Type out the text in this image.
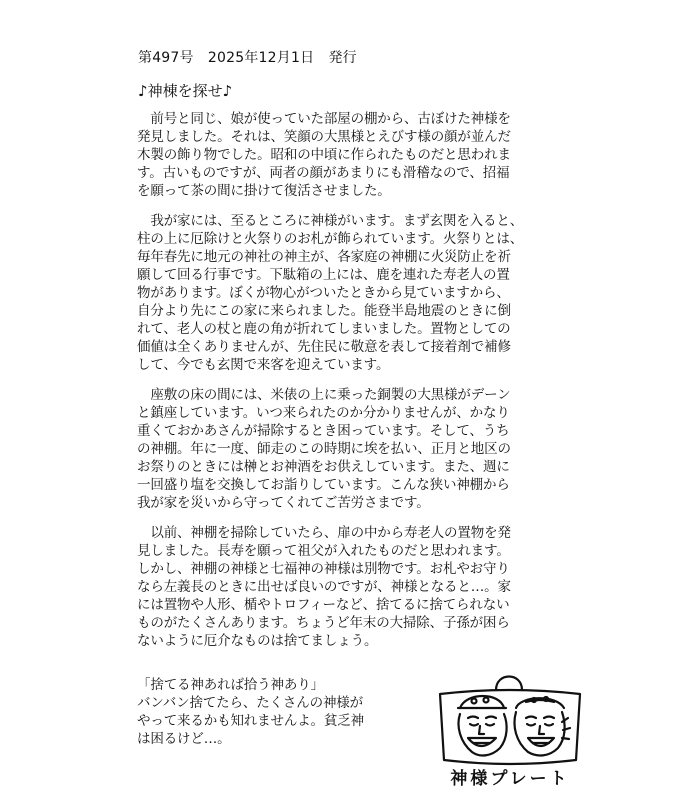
第497号　2025年12月1日　発行
♪神棟を探せ♪

　前号と同じ、娘が使っていた部屋の棚から、古ぼけた神様を
発見しました。それは、笑顔の大黒様とえびす様の顔が並んだ
木製の飾り物でした。昭和の中頃に作られたものだと思われま
す。古いものですが、両者の顔があまりにも滑稽なので、招福
を願って茶の間に掛けて復活させました。

　我が家には、至るところに神様がいます。まず玄関を入ると、
柱の上に厄除けと火祭りのお札が飾られています。火祭りとは、
毎年春先に地元の神社の神主が、各家庭の神棚に火災防止を祈
願して回る行事です。下駄箱の上には、鹿を連れた寿老人の置
物があります。ぼくが物心がついたときから見ていますから、
自分より先にこの家に来られました。能登半島地震のときに倒
れて、老人の杖と鹿の角が折れてしまいました。置物としての
価値は全くありませんが、先住民に敬意を表して接着剤で補修
して、今でも玄関で来客を迎えています。

　座敷の床の間には、米俵の上に乗った銅製の大黒様がデーン
と鎮座しています。いつ来られたのか分かりませんが、かなり
重くておかあさんが掃除するとき困っています。そして、うち
の神棚。年に一度、師走のこの時期に埃を払い、正月と地区の
お祭りのときには榊とお神酒をお供えしています。また、週に
一回盛り塩を交換してお詣りしています。こんな狭い神棚から
我が家を災いから守ってくれてご苦労さまです。

　以前、神棚を掃除していたら、扉の中から寿老人の置物を発
見しました。長寿を願って祖父が入れたものだと思われます。
しかし、神棚の神様と七福神の神様は別物です。お札やお守り
なら左義長のときに出せば良いのですが、神様となると…。家
には置物や人形、楯やトロフィーなど、捨てるに捨てられない
ものがたくさんあります。ちょうど年末の大掃除、子孫が困ら
ないように厄介なものは捨てましょう。

「捨てる神あれば拾う神あり」
バンバン捨てたら、たくさんの神様が
やって来るかも知れませんよ。貧乏神
は困るけど…。
神様プレート
